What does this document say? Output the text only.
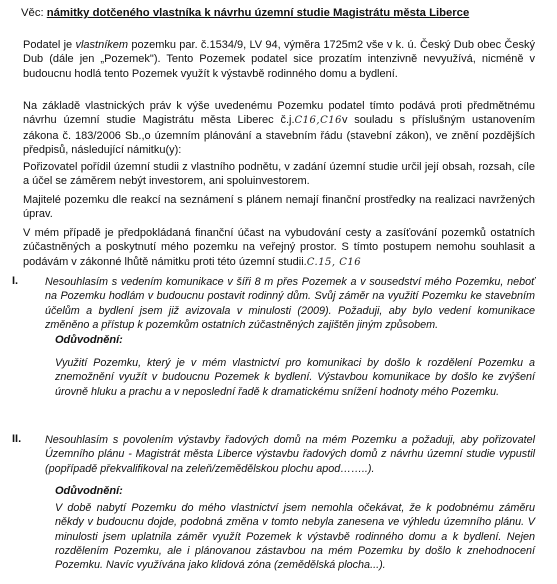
Věc: námitky dotčeného vlastníka k návrhu územní studie Magistrátu města Liberce

Podatel je vlastníkem pozemku par. č.1534/9, LV 94, výměra 1725m2 vše v k. ú. Český Dub obec Český Dub (dále jen „Pozemek"). Tento Pozemek podatel sice prozatím intenzivně nevyužívá, nicméně v budoucnu hodlá tento Pozemek využít k výstavbě rodinného domu a bydlení.

Na základě vlastnických práv k výše uvedenému Pozemku podatel tímto podává proti předmětnému návrhu územní studie Magistrátu města Liberec č.j.C16,C16v souladu s příslušným ustanovením zákona č. 183/2006 Sb.,o územním plánování a stavebním řádu (stavební zákon), ve znění pozdějších předpisů, následující námitku(y):

Pořizovatel pořídil územní studii z vlastního podnětu, v zadání územní studie určil její obsah, rozsah, cíle a účel se záměrem nebýt investorem, ani spoluinvestorem.

Majitelé pozemku dle reakcí na seznámení s plánem nemají finanční prostředky na realizaci navržených úprav.

V mém případě je předpokládaná finanční účast na vybudování cesty a zasíťování pozemků ostatních zúčastněných a poskytnutí mého pozemku na veřejný prostor. S tímto postupem nemohu souhlasit a podávám v zákonné lhůtě námitku proti této územní studii.C.15, C16

I. Nesouhlasím s vedením komunikace v šíři 8 m přes Pozemek a v sousedství mého Pozemku, neboť na Pozemku hodlám v budoucnu postavit rodinný dům. Svůj záměr na využití Pozemku ke stavebním účelům a bydlení jsem již avizovala v minulosti (2009). Požaduji, aby bylo vedení komunikace změněno a přístup k pozemkům ostatních zúčastněných zajištěn jiným způsobem.

Odůvodnění:

Využití Pozemku, který je v mém vlastnictví pro komunikaci by došlo k rozdělení Pozemku a znemožnění využít v budoucnu Pozemek k bydlení. Výstavbou komunikace by došlo ke zvýšení úrovně hluku a prachu a v neposlední řadě k dramatickému snížení hodnoty mého Pozemku.

II. Nesouhlasím s povolením výstavby řadových domů na mém Pozemku a požaduji, aby pořizovatel Územního plánu - Magistrát města Liberce výstavbu řadových domů z návrhu územní studie vypustil (popřípadě překvalifikoval na zeleň/zemědělskou plochu apod……..).

Odůvodnění:

V době nabytí Pozemku do mého vlastnictví jsem nemohla očekávat, že k podobnému záměru někdy v budoucnu dojde, podobná změna v tomto nebyla zanesena ve výhledu územního plánu. V minulosti jsem uplatnila záměr využít Pozemek k výstavbě rodinného domu a k bydlení. Nejen rozdělením Pozemku, ale i plánovanou zástavbou na mém Pozemku by došlo k znehodnocení Pozemku. Navíc využívána jako klidová zóna (zemědělská plocha...).
